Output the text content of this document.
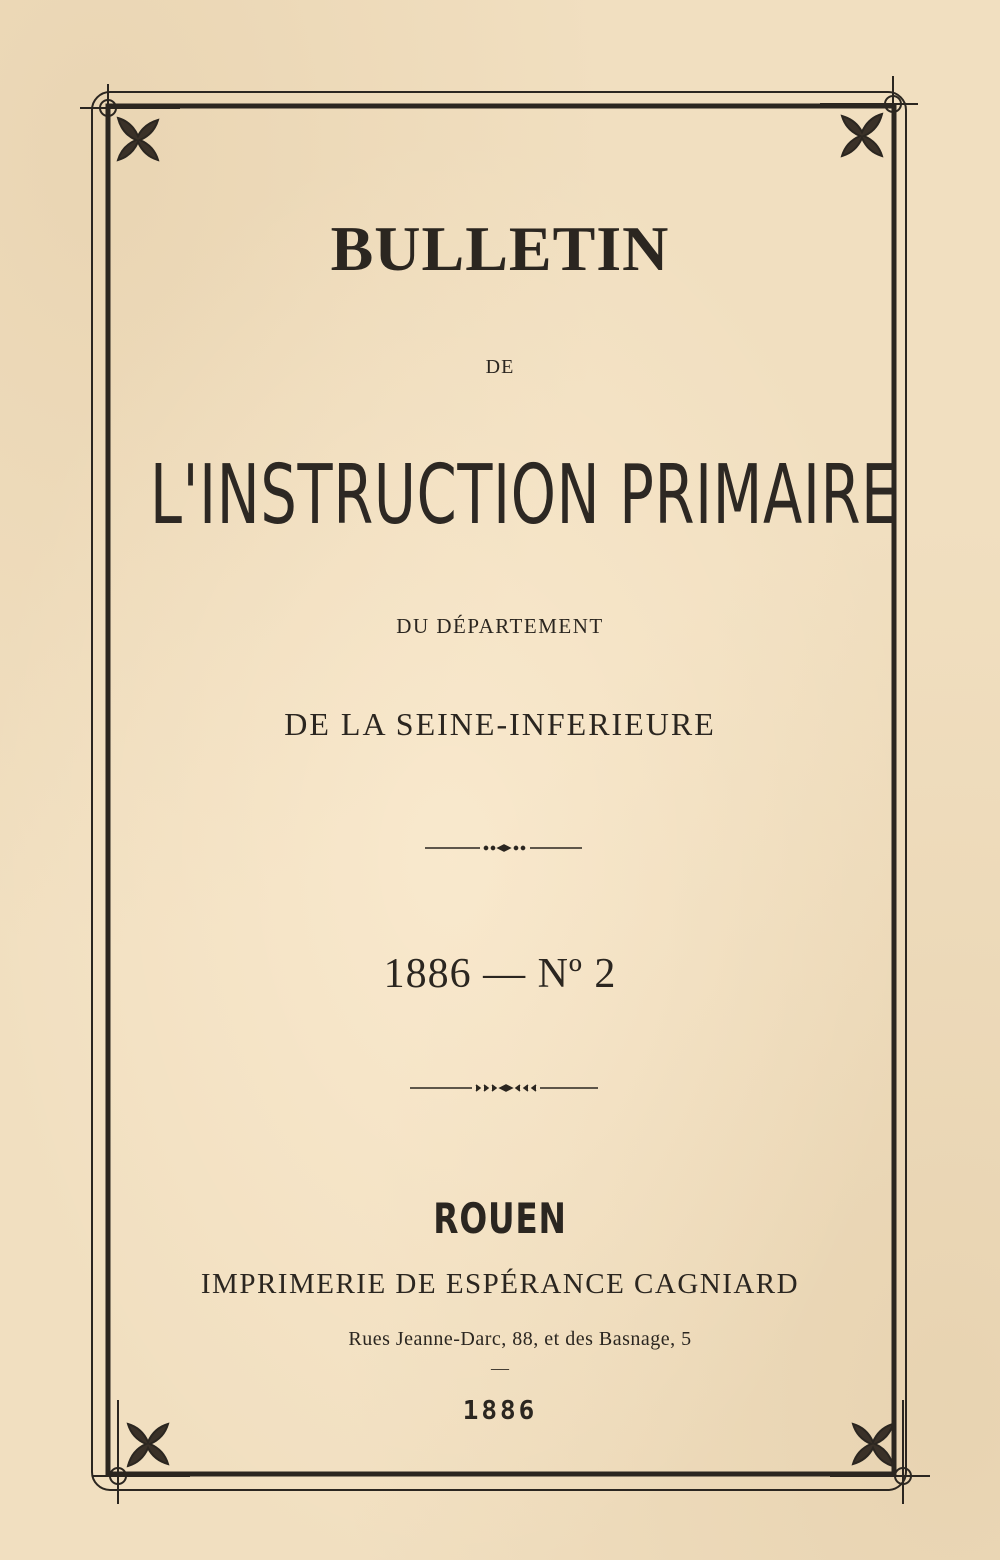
BULLETIN
DE
L'INSTRUCTION PRIMAIRE
DU DÉPARTEMENT
DE LA SEINE-INFERIEURE
1886 — Nº 2
ROUEN
IMPRIMERIE DE ESPÉRANCE CAGNIARD
Rues Jeanne-Darc, 88, et des Basnage, 5
—
1886
